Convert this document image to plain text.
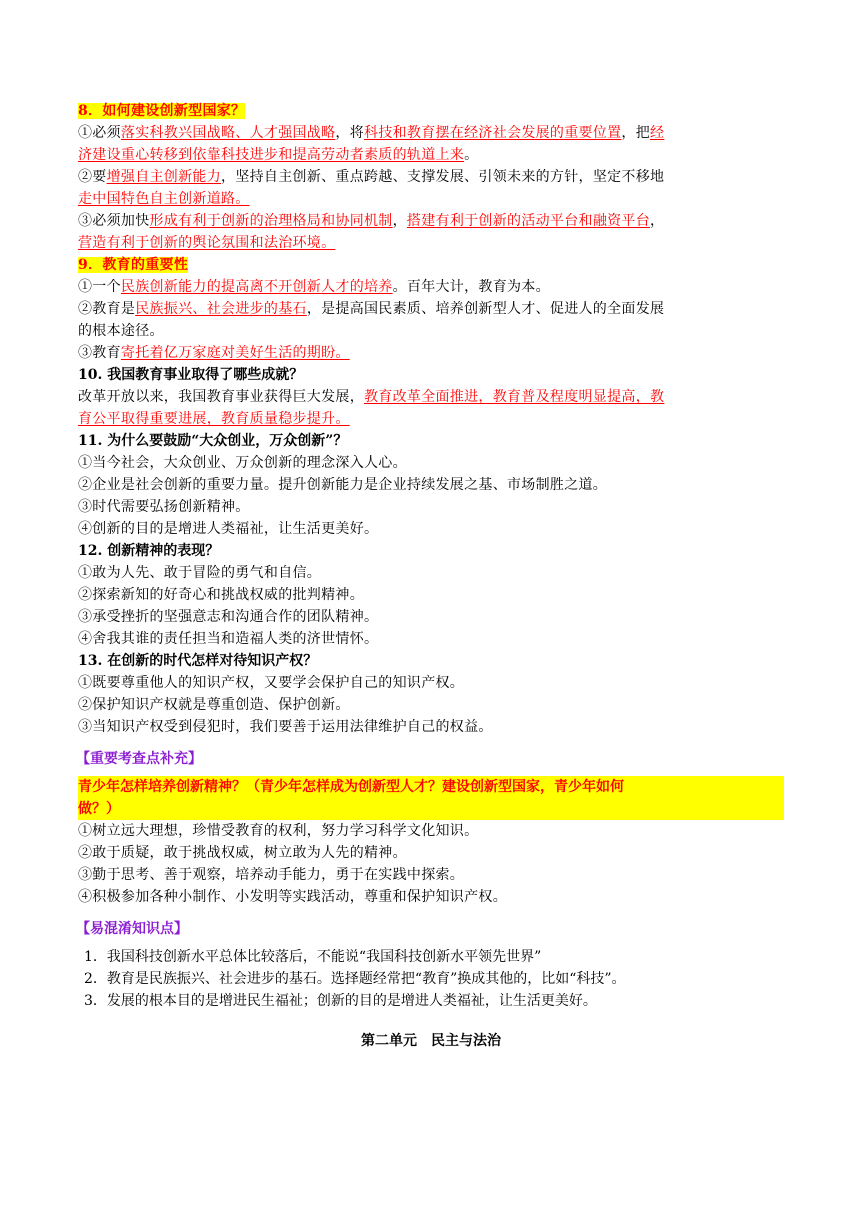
8．如何建设创新型国家？
①必须落实科教兴国战略、人才强国战略，将科技和教育摆在经济社会发展的重要位置，把经
济建设重心转移到依靠科技进步和提高劳动者素质的轨道上来。
②要增强自主创新能力，坚持自主创新、重点跨越、支撑发展、引领未来的方针，坚定不移地
走中国特色自主创新道路。
③必须加快形成有利于创新的治理格局和协同机制，搭建有利于创新的活动平台和融资平台，
营造有利于创新的舆论氛围和法治环境。
9．教育的重要性
①一个民族创新能力的提高离不开创新人才的培养。百年大计，教育为本。
②教育是民族振兴、社会进步的基石，是提高国民素质、培养创新型人才、促进人的全面发展
的根本途径。
③教育寄托着亿万家庭对美好生活的期盼。
10. 我国教育事业取得了哪些成就？
改革开放以来，我国教育事业获得巨大发展，教育改革全面推进，教育普及程度明显提高，教
育公平取得重要进展，教育质量稳步提升。
11. 为什么要鼓励“大众创业，万众创新”？
①当今社会，大众创业、万众创新的理念深入人心。
②企业是社会创新的重要力量。提升创新能力是企业持续发展之基、市场制胜之道。
③时代需要弘扬创新精神。
④创新的目的是增进人类福祉，让生活更美好。
12. 创新精神的表现？
①敢为人先、敢于冒险的勇气和自信。
②探索新知的好奇心和挑战权威的批判精神。
③承受挫折的坚强意志和沟通合作的团队精神。
④舍我其谁的责任担当和造福人类的济世情怀。
13. 在创新的时代怎样对待知识产权？
①既要尊重他人的知识产权，又要学会保护自己的知识产权。
②保护知识产权就是尊重创造、保护创新。
③当知识产权受到侵犯时，我们要善于运用法律维护自己的权益。
【重要考查点补充】
青少年怎样培养创新精神？（青少年怎样成为创新型人才？建设创新型国家，青少年如何
做？）
①树立远大理想，珍惜受教育的权利，努力学习科学文化知识。
②敢于质疑，敢于挑战权威，树立敢为人先的精神。
③勤于思考、善于观察，培养动手能力，勇于在实践中探索。
④积极参加各种小制作、小发明等实践活动，尊重和保护知识产权。
【易混淆知识点】
1．我国科技创新水平总体比较落后，不能说“我国科技创新水平领先世界”
2．教育是民族振兴、社会进步的基石。选择题经常把“教育”换成其他的，比如“科技”。
3．发展的根本目的是增进民生福祉；创新的目的是增进人类福祉，让生活更美好。
第二单元　民主与法治
